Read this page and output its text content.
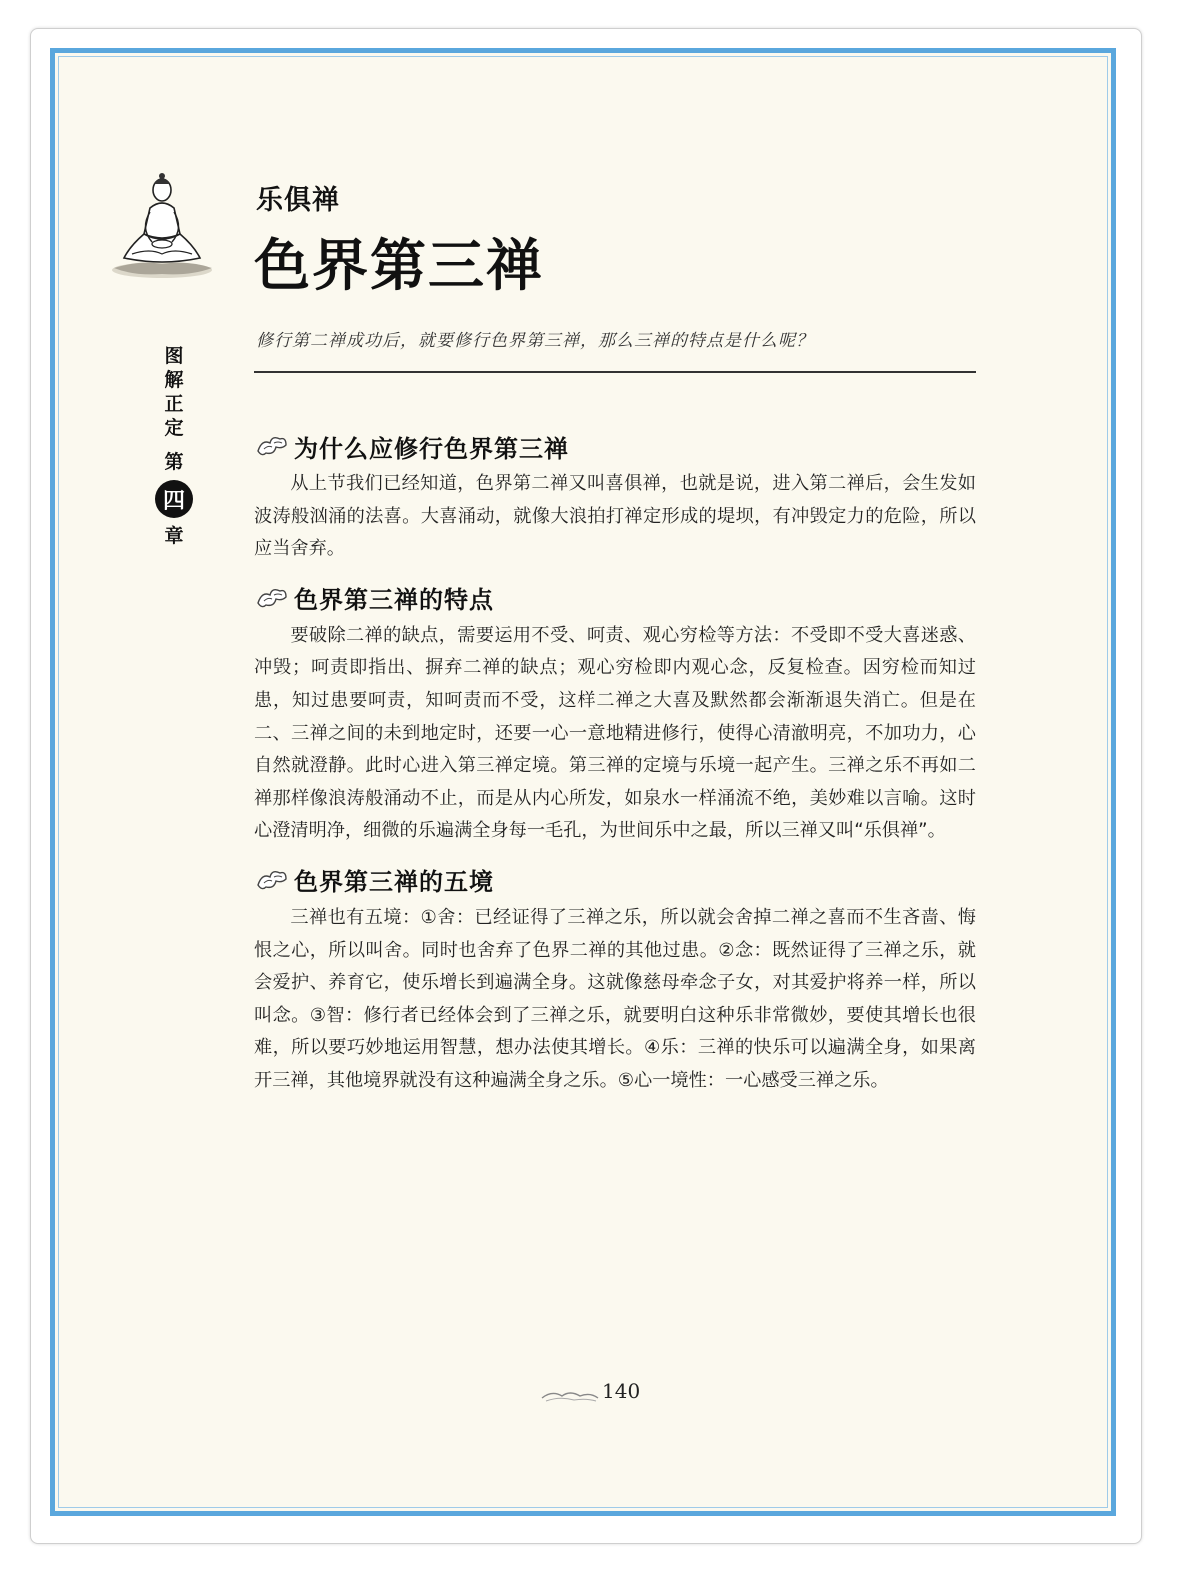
乐俱禅
色界第三禅
修行第二禅成功后，就要修行色界第三禅，那么三禅的特点是什么呢？
图
解
正
定
第
四
章
为什么应修行色界第三禅

从上节我们已经知道，色界第二禅又叫喜俱禅，也就是说，进入第二禅后，会生发如波涛般汹涌的法喜。大喜涌动，就像大浪拍打禅定形成的堤坝，有冲毁定力的危险，所以应当舍弃。

色界第三禅的特点

要破除二禅的缺点，需要运用不受、呵责、观心穷检等方法：不受即不受大喜迷惑、冲毁；呵责即指出、摒弃二禅的缺点；观心穷检即内观心念，反复检查。因穷检而知过患，知过患要呵责，知呵责而不受，这样二禅之大喜及默然都会渐渐退失消亡。但是在二、三禅之间的未到地定时，还要一心一意地精进修行，使得心清澈明亮，不加功力，心自然就澄静。此时心进入第三禅定境。第三禅的定境与乐境一起产生。三禅之乐不再如二禅那样像浪涛般涌动不止，而是从内心所发，如泉水一样涌流不绝，美妙难以言喻。这时心澄清明净，细微的乐遍满全身每一毛孔，为世间乐中之最，所以三禅又叫“乐俱禅”。

色界第三禅的五境

三禅也有五境：①舍：已经证得了三禅之乐，所以就会舍掉二禅之喜而不生吝啬、悔恨之心，所以叫舍。同时也舍弃了色界二禅的其他过患。②念：既然证得了三禅之乐，就会爱护、养育它，使乐增长到遍满全身。这就像慈母牵念子女，对其爱护将养一样，所以叫念。③智：修行者已经体会到了三禅之乐，就要明白这种乐非常微妙，要使其增长也很难，所以要巧妙地运用智慧，想办法使其增长。④乐：三禅的快乐可以遍满全身，如果离开三禅，其他境界就没有这种遍满全身之乐。⑤心一境性：一心感受三禅之乐。

140
